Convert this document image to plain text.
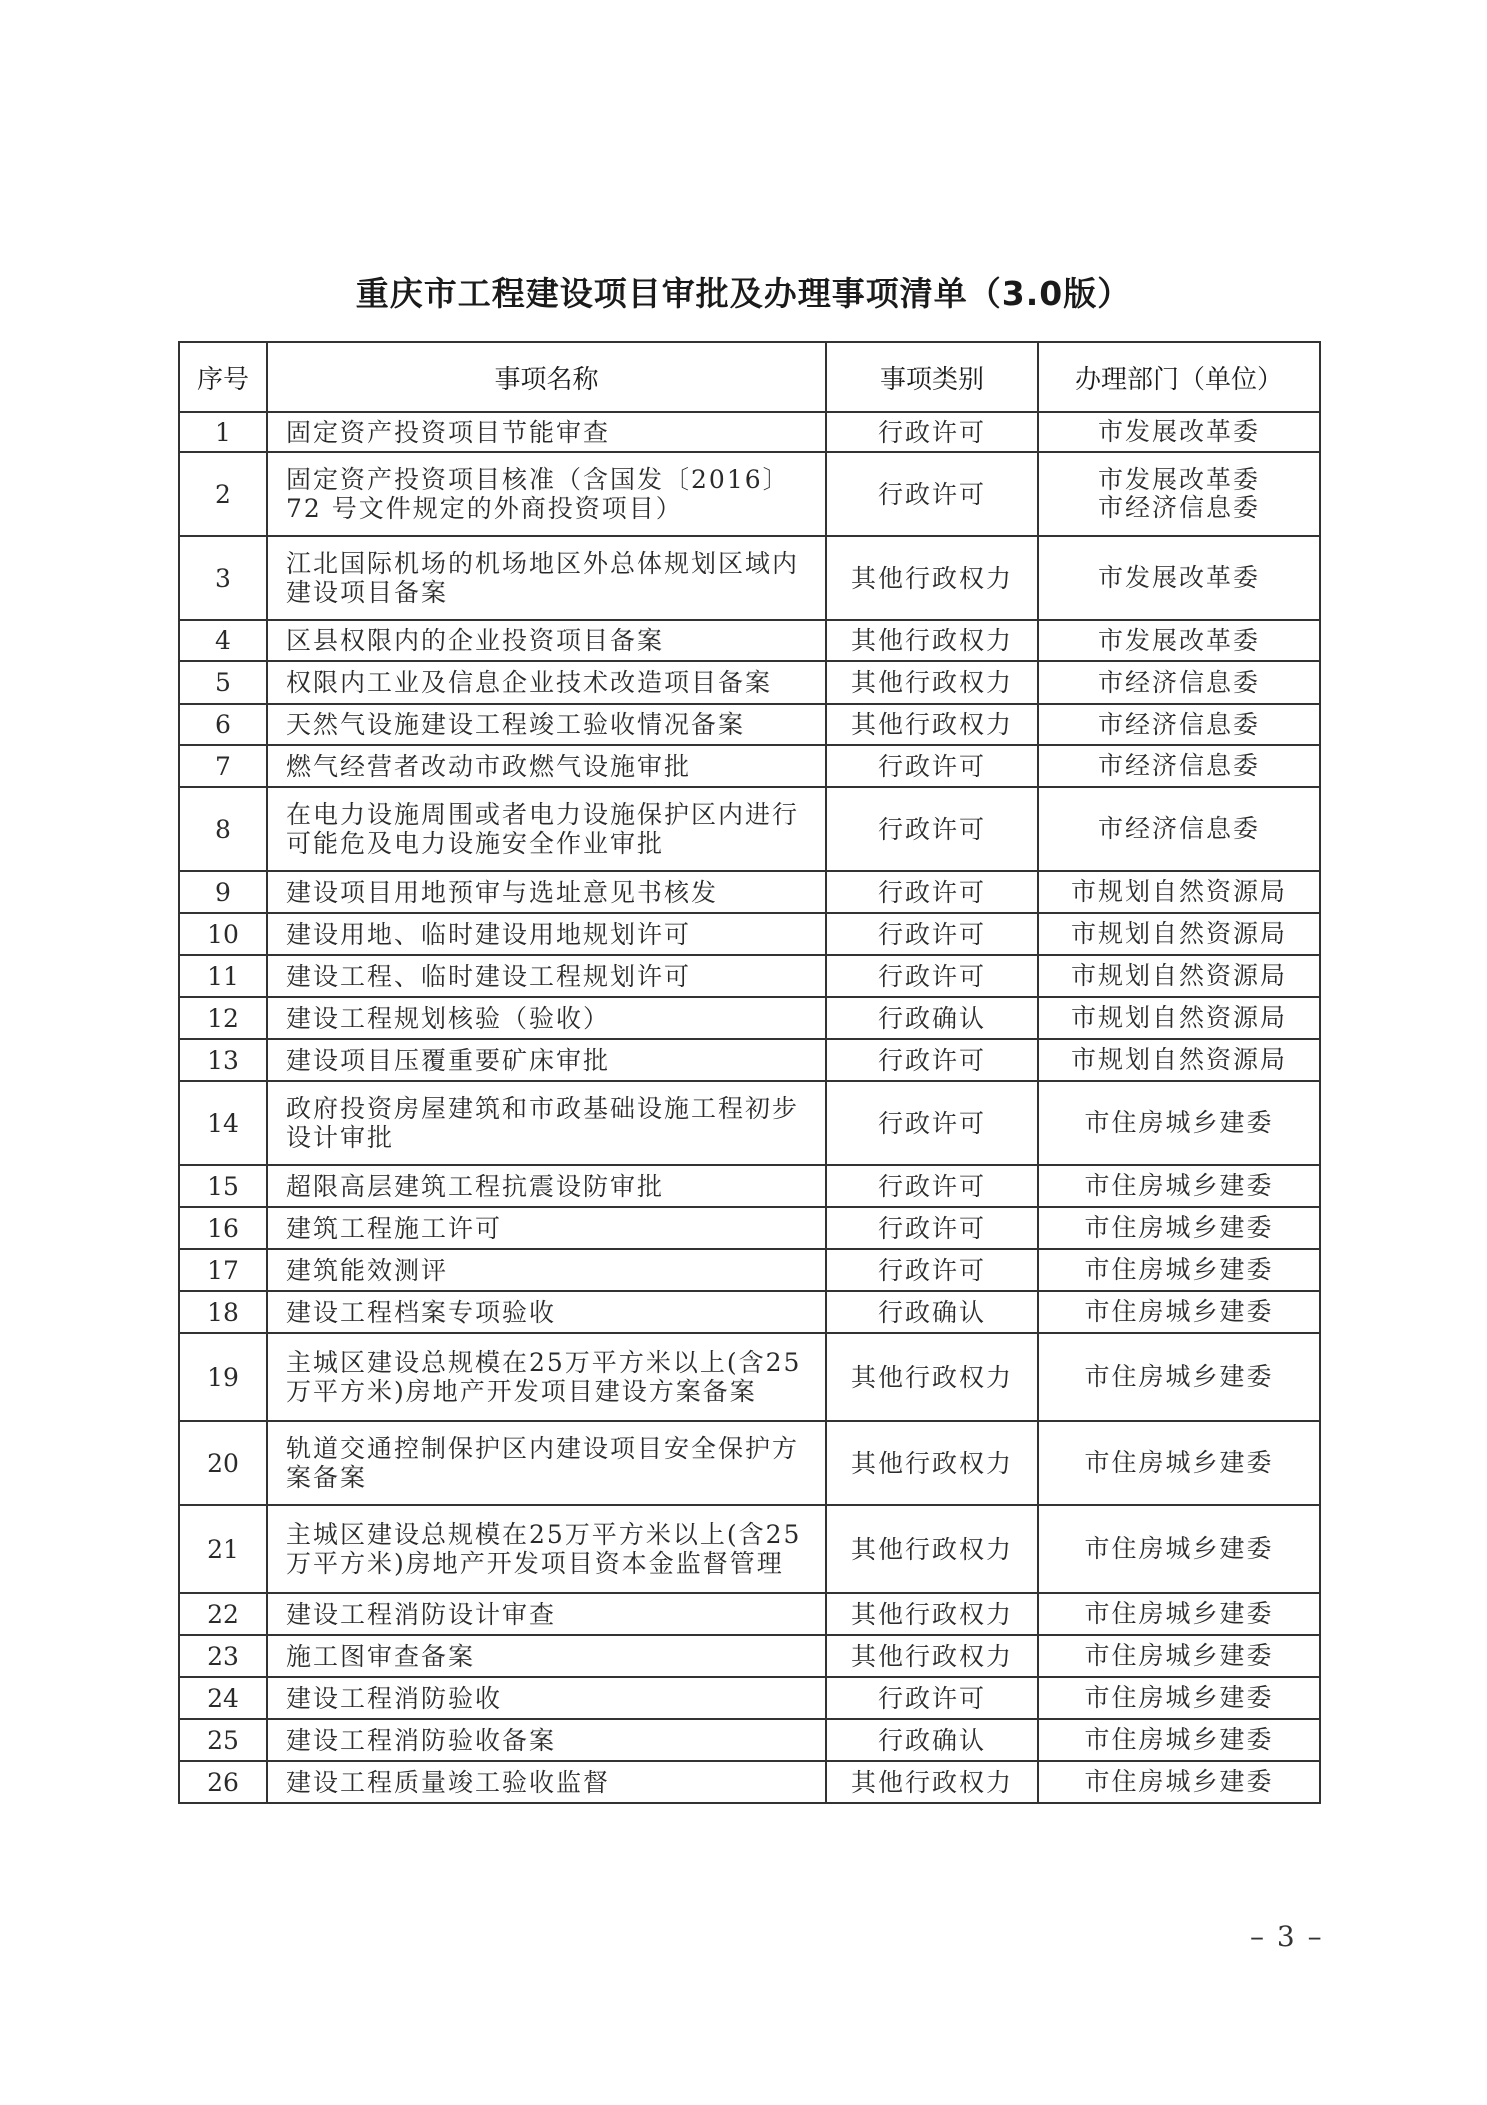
重庆市工程建设项目审批及办理事项清单（3.0版）
序号	事项名称	事项类别	办理部门（单位）
1	固定资产投资项目节能审查	行政许可	市发展改革委

2	固定资产投资项目核准（含国发〔2016〕72 号文件规定的外商投资项目）	行政许可	市发展改革委
市经济信息委

3	江北国际机场的机场地区外总体规划区域内建设项目备案	其他行政权力	市发展改革委

4	区县权限内的企业投资项目备案	其他行政权力	市发展改革委

5	权限内工业及信息企业技术改造项目备案	其他行政权力	市经济信息委

6	天然气设施建设工程竣工验收情况备案	其他行政权力	市经济信息委

7	燃气经营者改动市政燃气设施审批	行政许可	市经济信息委

8	在电力设施周围或者电力设施保护区内进行可能危及电力设施安全作业审批	行政许可	市经济信息委

9	建设项目用地预审与选址意见书核发	行政许可	市规划自然资源局

10	建设用地、临时建设用地规划许可	行政许可	市规划自然资源局

11	建设工程、临时建设工程规划许可	行政许可	市规划自然资源局

12	建设工程规划核验（验收）	行政确认	市规划自然资源局

13	建设项目压覆重要矿床审批	行政许可	市规划自然资源局

14	政府投资房屋建筑和市政基础设施工程初步设计审批	行政许可	市住房城乡建委

15	超限高层建筑工程抗震设防审批	行政许可	市住房城乡建委

16	建筑工程施工许可	行政许可	市住房城乡建委

17	建筑能效测评	行政许可	市住房城乡建委

18	建设工程档案专项验收	行政确认	市住房城乡建委

19	主城区建设总规模在25万平方米以上(含25万平方米)房地产开发项目建设方案备案	其他行政权力	市住房城乡建委

20	轨道交通控制保护区内建设项目安全保护方案备案	其他行政权力	市住房城乡建委

21	主城区建设总规模在25万平方米以上(含25万平方米)房地产开发项目资本金监督管理	其他行政权力	市住房城乡建委

22	建设工程消防设计审查	其他行政权力	市住房城乡建委

23	施工图审查备案	其他行政权力	市住房城乡建委

24	建设工程消防验收	行政许可	市住房城乡建委

25	建设工程消防验收备案	行政确认	市住房城乡建委

26	建设工程质量竣工验收监督	其他行政权力	市住房城乡建委
– 3 –
